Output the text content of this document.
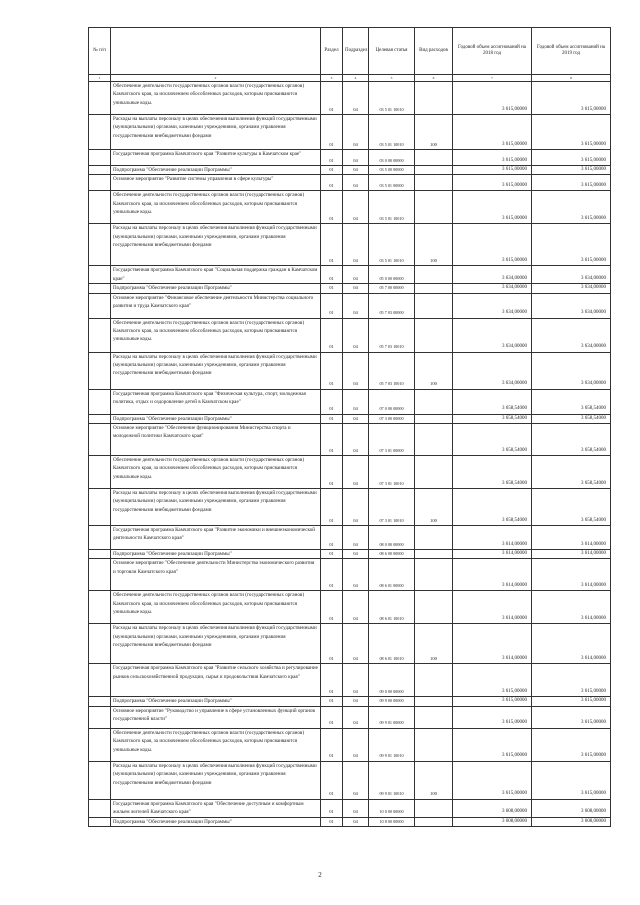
№ п/п		Раздел	Подраздел	Целевая статья	Вид расходов	Годовой объем ассигнований на 2018 год	Годовой объем ассигнований на 2019 год
1	2	3	4	5	6	7	8
	Обеспечение деятельности государственных органов власти (государственных органов) Камчатского края, за исключением обособленных расходов, которым присваиваются уникальные коды.	01	04	03 5 01 10010		3 615,00000	3 615,00000
	Расходы на выплаты персоналу в целях обеспечения выполнения функций государственными (муниципальными) органами, казенными учреждениями, органами управления государственными внебюджетными фондами	01	04	03 5 01 10010	100	3 615,00000	3 615,00000
	Государственная программа Камчатского края "Развитие культуры в Камчатском крае"	01	04	03 0 00 00000		3 615,00000	3 615,00000
	Подпрограмма "Обеспечение реализации Программы"	01	04	03 5 00 00000		3 615,00000	3 615,00000
	Основное мероприятие "Развитие системы управления в сфере культуры"	01	04	03 5 01 00000		3 615,00000	3 615,00000
	Обеспечение деятельности государственных органов власти (государственных органов) Камчатского края, за исключением обособленных расходов, которым присваиваются уникальные коды.	01	04	03 5 01 10010		3 615,00000	3 615,00000
	Расходы на выплаты персоналу в целях обеспечения выполнения функций государственными (муниципальными) органами, казенными учреждениями, органами управления государственными внебюджетными фондами	01	04	03 5 01 10010	100	3 615,00000	3 615,00000
	Государственная программа Камчатского края "Социальная поддержка граждан в Камчатском крае"	01	04	05 0 00 00000		3 634,00000	3 634,00000
	Подпрограмма "Обеспечение реализации Программы"	01	04	05 7 00 00000		3 634,00000	3 634,00000
	Основное мероприятие "Финансовое обеспечение деятельности Министерства социального развития и труда Камчатского края"	01	04	05 7 03 00000		3 634,00000	3 634,00000
	Обеспечение деятельности государственных органов власти (государственных органов) Камчатского края, за исключением обособленных расходов, которым присваиваются уникальные коды.	01	04	05 7 03 10010		3 634,00000	3 634,00000
	Расходы на выплаты персоналу в целях обеспечения выполнения функций государственными (муниципальными) органами, казенными учреждениями, органами управления государственными внебюджетными фондами	01	04	05 7 03 10010	100	3 634,00000	3 634,00000
	Государственная программа Камчатского края "Физическая культура, спорт, молодежная политика, отдых и оздоровление детей в Камчатском крае"	01	04	07 0 00 00000		3 658,54000	3 658,54000
	Подпрограмма "Обеспечение реализации Программы"	01	04	07 3 00 00000		3 658,54000	3 658,54000
	Основное мероприятие "Обеспечение функционирования Министерства спорта и молодежной политики Камчатского края"	01	04	07 3 01 00000		3 658,54000	3 658,54000
	Обеспечение деятельности государственных органов власти (государственных органов) Камчатского края, за исключением обособленных расходов, которым присваиваются уникальные коды.	01	04	07 3 01 10010		3 658,54000	3 658,54000
	Расходы на выплаты персоналу в целях обеспечения выполнения функций государственными (муниципальными) органами, казенными учреждениями, органами управления государственными внебюджетными фондами	01	04	07 3 01 10010	100	3 658,54000	3 658,54000
	Государственная программа Камчатского края "Развитие экономики и внешнеэкономической деятельности Камчатского края"	01	04	08 0 00 00000		3 614,00000	3 614,00000
	Подпрограмма "Обеспечение реализации Программы"	01	04	08 6 00 00000		3 614,00000	3 614,00000
	Основное мероприятие "Обеспечение деятельности Министерства экономического развития и торговли Камчатского края"	01	04	08 6 01 00000		3 614,00000	3 614,00000
	Обеспечение деятельности государственных органов власти (государственных органов) Камчатского края, за исключением обособленных расходов, которым присваиваются уникальные коды.	01	04	08 6 01 10010		3 614,00000	3 614,00000
	Расходы на выплаты персоналу в целях обеспечения выполнения функций государственными (муниципальными) органами, казенными учреждениями, органами управления государственными внебюджетными фондами	01	04	08 6 01 10010	100	3 614,00000	3 614,00000
	Государственная программа Камчатского края "Развитие сельского хозяйства и регулирование рынков сельскохозяйственной продукции, сырья и продовольствия Камчатского края"	01	04	09 0 00 00000		3 615,00000	3 615,00000
	Подпрограмма "Обеспечение реализации Программы"	01	04	09 9 00 00000		3 615,00000	3 615,00000
	Основное мероприятие "Руководство и управление в сфере установленных функций органов государственной власти"	01	04	09 9 01 00000		3 615,00000	3 615,00000
	Обеспечение деятельности государственных органов власти (государственных органов) Камчатского края, за исключением обособленных расходов, которым присваиваются уникальные коды.	01	04	09 9 01 10010		3 615,00000	3 615,00000
	Расходы на выплаты персоналу в целях обеспечения выполнения функций государственными (муниципальными) органами, казенными учреждениями, органами управления государственными внебюджетными фондами	01	04	09 9 01 10010	100	3 615,00000	3 615,00000
	Государственная программа Камчатского края "Обеспечение доступным и комфортным жильем жителей Камчатского края"	01	04	10 0 00 00000		3 608,00000	3 608,00000
	Подпрограмма "Обеспечение реализации Программы"	01	04	10 8 00 00000		3 608,00000	3 608,00000
2
